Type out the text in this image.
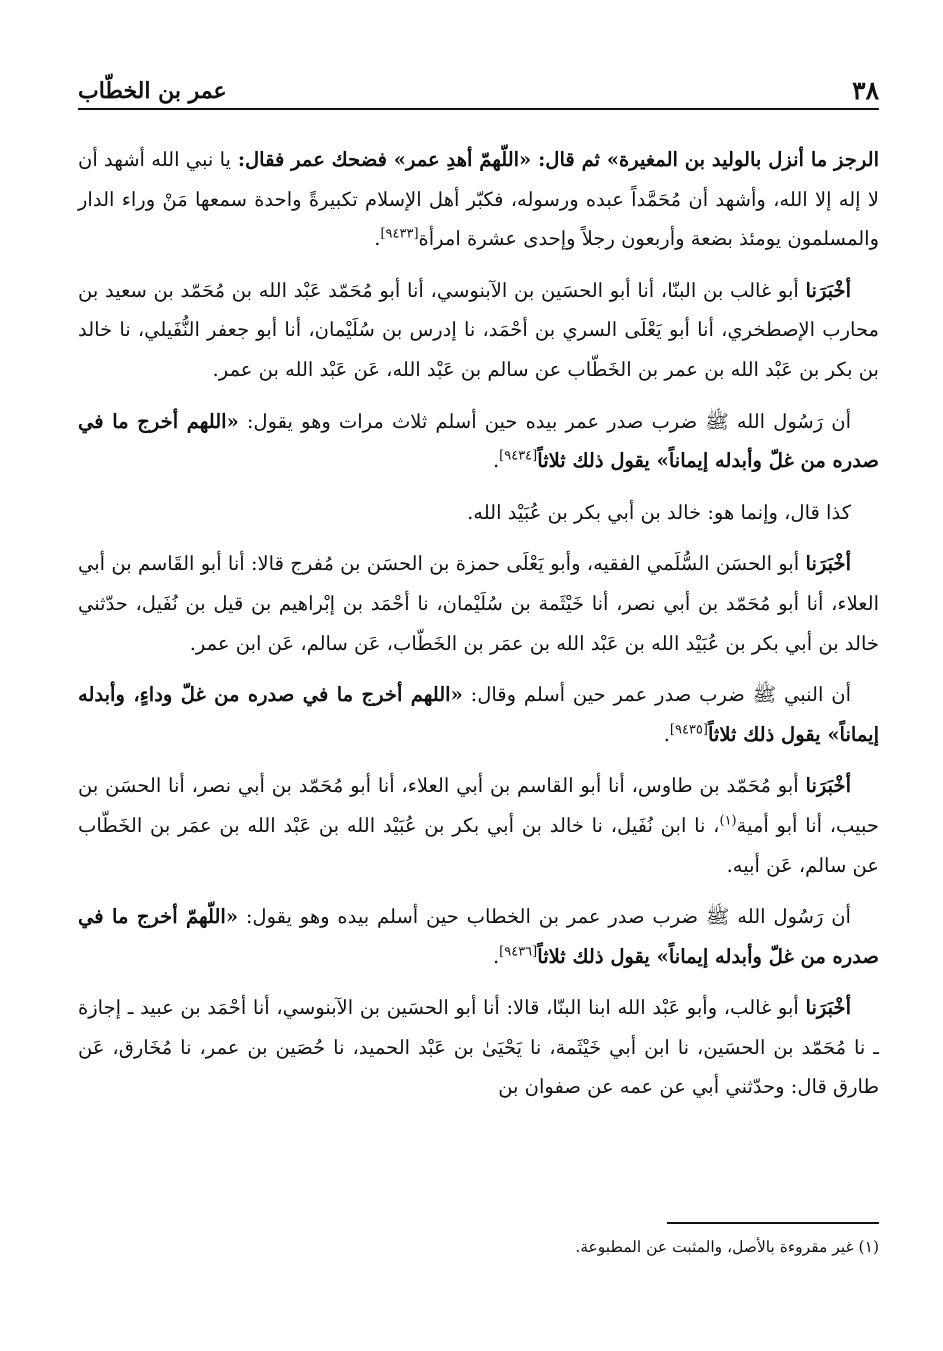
٣٨
عمر بن الخطّاب

الرجز ما أنزل بالوليد بن المغيرة» ثم قال: «اللّهمّ أهدِ عمر» فضحك عمر فقال: يا نبي الله أشهد أن لا إله إلا الله، وأشهد أن مُحَمَّداً عبده ورسوله، فكبّر أهل الإسلام تكبيرةً واحدة سمعها مَنْ وراء الدار والمسلمون يومئذ بضعة وأربعون رجلاً وإحدى عشرة امرأة[٩٤٣٣].

أخْبَرَنا أبو غالب بن البنّا، أنا أبو الحسَين بن الآبنوسي، أنا أبو مُحَمّد عَبْد الله بن مُحَمّد بن سعيد بن محارب الإصطخري، أنا أبو يَعْلَى السري بن أحْمَد، نا إدرس بن سُلَيْمان، أنا أبو جعفر النُّفَيلي، نا خالد بن بكر بن عَبْد الله بن عمر بن الخَطّاب عن سالم بن عَبْد الله، عَن عَبْد الله بن عمر.

أن رَسُول الله ﷺ ضرب صدر عمر بيده حين أسلم ثلاث مرات وهو يقول: «اللهم أخرج ما في صدره من غلّ وأبدله إيماناً» يقول ذلك ثلاثاً[٩٤٣٤].

كذا قال، وإنما هو: خالد بن أبي بكر بن عُبَيْد الله.

أخْبَرَنا أبو الحسَن السُّلَمي الفقيه، وأبو يَعْلَى حمزة بن الحسَن بن مُفرج قالا: أنا أبو القَاسم بن أبي العلاء، أنا أبو مُحَمّد بن أبي نصر، أنا خَيْثَمة بن سُلَيْمان، نا أحْمَد بن إبْراهيم بن قيل بن نُفَيل، حدّثني خالد بن أبي بكر بن عُبَيْد الله بن عَبْد الله بن عمَر بن الخَطّاب، عَن سالم، عَن ابن عمر.

أن النبي ﷺ ضرب صدر عمر حين أسلم وقال: «اللهم أخرج ما في صدره من غلّ وداءٍ، وأبدله إيماناً» يقول ذلك ثلاثاً[٩٤٣٥].

أخْبَرَنا أبو مُحَمّد بن طاوس، أنا أبو القاسم بن أبي العلاء، أنا أبو مُحَمّد بن أبي نصر، أنا الحسَن بن حبيب، أنا أبو أمية$^{(١)}$، نا ابن نُفَيل، نا خالد بن أبي بكر بن عُبَيْد الله بن عَبْد الله بن عمَر بن الخَطّاب عن سالم، عَن أبيه.

أن رَسُول الله ﷺ ضرب صدر عمر بن الخطاب حين أسلم بيده وهو يقول: «اللّهمّ أخرج ما في صدره من غلّ وأبدله إيماناً» يقول ذلك ثلاثاً[٩٤٣٦].

أخْبَرَنا أبو غالب، وأبو عَبْد الله ابنا البنّا، قالا: أنا أبو الحسَين بن الآبنوسي، أنا أحْمَد بن عبيد ـ إجازة ـ نا مُحَمّد بن الحسَين، نا ابن أبي خَيْثَمة، نا يَحْيَىٰ بن عَبْد الحميد، نا حُصَين بن عمر، نا مُخَارق، عَن طارق قال: وحدّثني أبي عن عمه عن صفوان بن

(١) غير مقروءة بالأصل، والمثبت عن المطبوعة.
